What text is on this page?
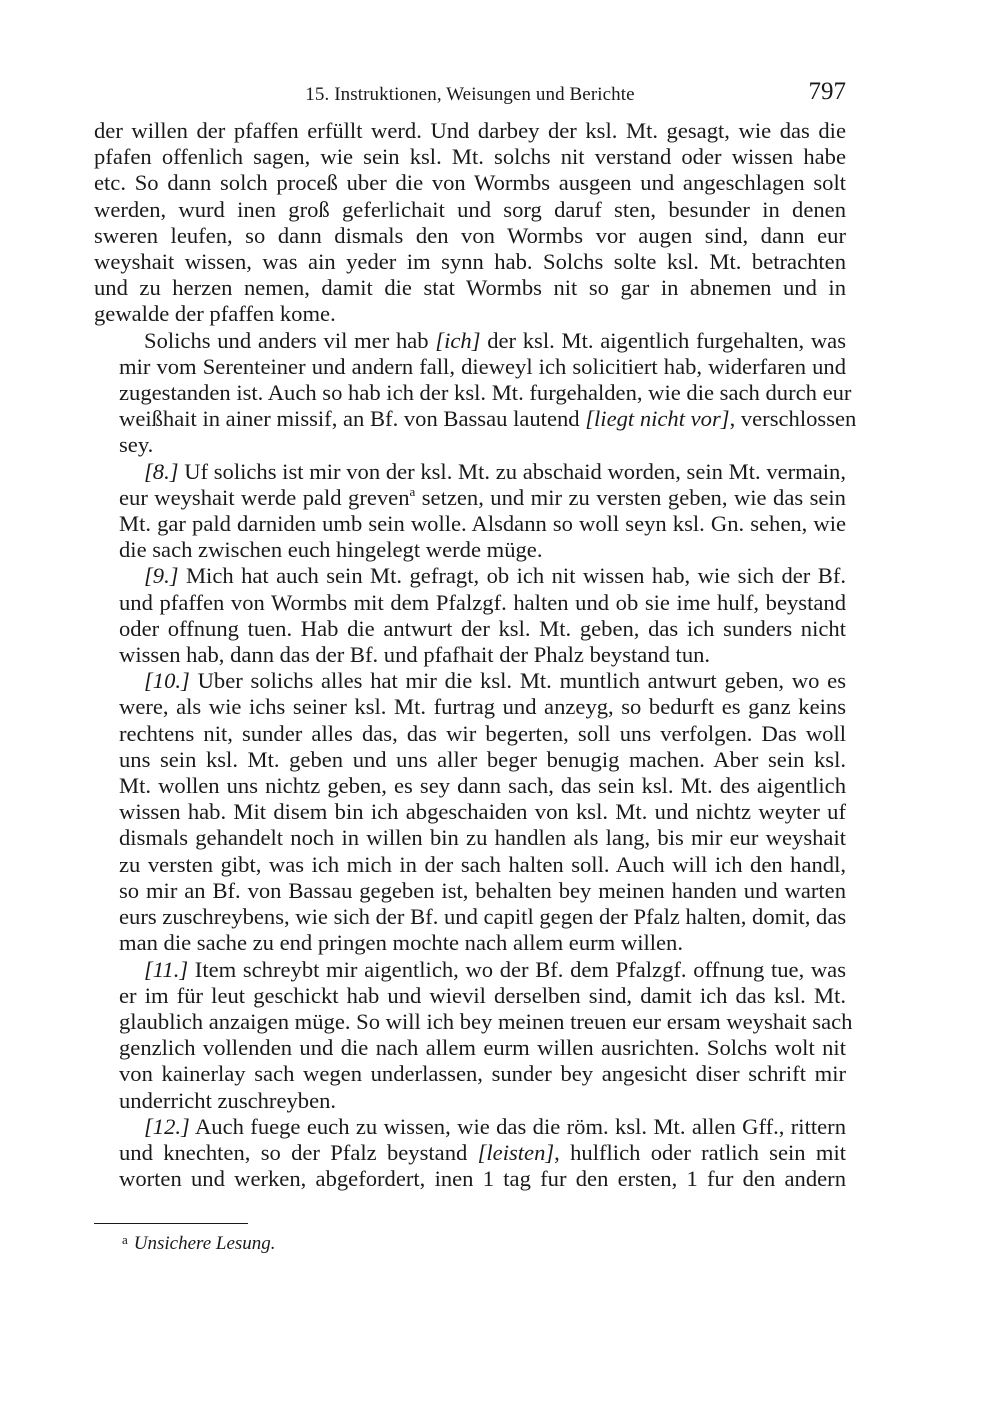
15. Instruktionen, Weisungen und Berichte	797
der willen der pfaffen erfüllt werd. Und darbey der ksl. Mt. gesagt, wie das die
pfafen offenlich sagen, wie sein ksl. Mt. solchs nit verstand oder wissen habe
etc. So dann solch proceß uber die von Wormbs ausgeen und angeschlagen solt
werden, wurd inen groß geferlichait und sorg daruf sten, besunder in denen
sweren leufen, so dann dismals den von Wormbs vor augen sind, dann eur
weyshait wissen, was ain yeder im synn hab. Solchs solte ksl. Mt. betrachten
und zu herzen nemen, damit die stat Wormbs nit so gar in abnemen und in
gewalde der pfaffen kome.
Solichs und anders vil mer hab [ich] der ksl. Mt. aigentlich furgehalten, was
mir vom Serenteiner und andern fall, dieweyl ich solicitiert hab, widerfaren und
zugestanden ist. Auch so hab ich der ksl. Mt. furgehalden, wie die sach durch eur
weißhait in ainer missif, an Bf. von Bassau lautend [liegt nicht vor], verschlossen
sey.
[8.] Uf solichs ist mir von der ksl. Mt. zu abschaid worden, sein Mt. vermain,
eur weyshait werde pald greven$^a$ setzen, und mir zu versten geben, wie das sein
Mt. gar pald darniden umb sein wolle. Alsdann so woll seyn ksl. Gn. sehen, wie
die sach zwischen euch hingelegt werde müge.
[9.] Mich hat auch sein Mt. gefragt, ob ich nit wissen hab, wie sich der Bf.
und pfaffen von Wormbs mit dem Pfalzgf. halten und ob sie ime hulf, beystand
oder offnung tuen. Hab die antwurt der ksl. Mt. geben, das ich sunders nicht
wissen hab, dann das der Bf. und pfafhait der Phalz beystand tun.
[10.] Uber solichs alles hat mir die ksl. Mt. muntlich antwurt geben, wo es
were, als wie ichs seiner ksl. Mt. furtrag und anzeyg, so bedurft es ganz keins
rechtens nit, sunder alles das, das wir begerten, soll uns verfolgen. Das woll
uns sein ksl. Mt. geben und uns aller beger benugig machen. Aber sein ksl.
Mt. wollen uns nichtz geben, es sey dann sach, das sein ksl. Mt. des aigentlich
wissen hab. Mit disem bin ich abgeschaiden von ksl. Mt. und nichtz weyter uf
dismals gehandelt noch in willen bin zu handlen als lang, bis mir eur weyshait
zu versten gibt, was ich mich in der sach halten soll. Auch will ich den handl,
so mir an Bf. von Bassau gegeben ist, behalten bey meinen handen und warten
eurs zuschreybens, wie sich der Bf. und capitl gegen der Pfalz halten, domit, das
man die sache zu end pringen mochte nach allem eurm willen.
[11.] Item schreybt mir aigentlich, wo der Bf. dem Pfalzgf. offnung tue, was
er im für leut geschickt hab und wievil derselben sind, damit ich das ksl. Mt.
glaublich anzaigen müge. So will ich bey meinen treuen eur ersam weyshait sach
genzlich vollenden und die nach allem eurm willen ausrichten. Solchs wolt nit
von kainerlay sach wegen underlassen, sunder bey angesicht diser schrift mir
underricht zuschreyben.
[12.] Auch fuege euch zu wissen, wie das die röm. ksl. Mt. allen Gff., rittern
und knechten, so der Pfalz beystand [leisten], hulflich oder ratlich sein mit
worten und werken, abgefordert, inen 1 tag fur den ersten, 1 fur den andern
$^a$ Unsichere Lesung.
